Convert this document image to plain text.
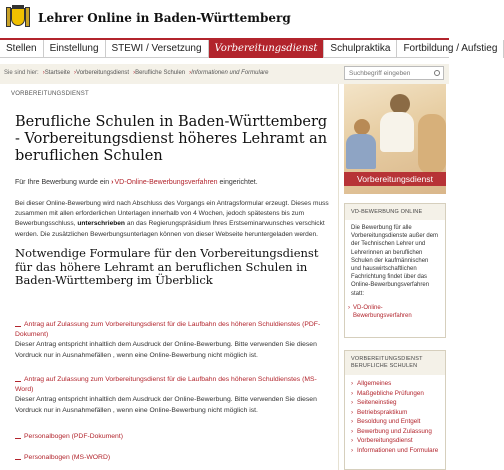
Lehrer Online in Baden-Württemberg
Stellen	Einstellung	STEWI / Versetzung	Vorbereitungsdienst	Schulpraktika	Fortbildung / Aufstieg
Sie sind hier: ›Startseite ›Vorbereitungsdienst ›Berufliche Schulen ›Informationen und Formulare	Suchbegriff eingeben
VORBEREITUNGSDIENST
Berufliche Schulen in Baden-Württemberg - Vorbereitungsdienst höheres Lehramt an beruflichen Schulen
Für Ihre Bewerbung wurde ein ›VD-Online-Bewerbungsverfahren eingerichtet.
Bei dieser Online-Bewerbung wird nach Abschluss des Vorgangs ein Antragsformular erzeugt. Dieses muss zusammen mit allen erforderlichen Unterlagen innerhalb von 4 Wochen, jedoch spätestens bis zum Bewerbungsschluss, unterschrieben an das Regierungspräsidium Ihres Erstseminarwunsches verschickt werden. Die zusätzlichen Bewerbungsunterlagen können von dieser Webseite heruntergeladen werden.
Notwendige Formulare für den Vorbereitungsdienst für das höhere Lehramt an beruflichen Schulen in Baden-Württemberg im Überblick
Antrag auf Zulassung zum Vorbereitungsdienst für die Laufbahn des höheren Schuldienstes (PDF-Dokument)
Dieser Antrag entspricht inhaltlich dem Ausdruck der Online-Bewerbung. Bitte verwenden Sie diesen Vordruck nur in Ausnahmefällen , wenn eine Online-Bewerbung nicht möglich ist.
Antrag auf Zulassung zum Vorbereitungsdienst für die Laufbahn des höheren Schuldienstes (MS-Word)
Dieser Antrag entspricht inhaltlich dem Ausdruck der Online-Bewerbung. Bitte verwenden Sie diesen Vordruck nur in Ausnahmefällen , wenn eine Online-Bewerbung nicht möglich ist.
Personalbogen (PDF-Dokument)
Personalbogen (MS-WORD)
Vorbereitungsdienst
VD-BEWERBUNG ONLINE
Die Bewerbung für alle Vorbereitungsdienste außer dem der Technischen Lehrer und Lehrerinnen an beruflichen Schulen der kaufmännischen und hauswirtschaftlichen Fachrichtung findet über das Online-Bewerbungsverfahren statt:
› VD-Online-Bewerbungsverfahren
VORBEREITUNGSDIENST
BERUFLICHE SCHULEN
› Allgemeines
› Maßgebliche Prüfungen
› Seiteneinstieg
› Betriebspraktikum
› Besoldung und Entgelt
› Bewerbung und Zulassung
› Vorbereitungsdienst
› Informationen und Formulare
